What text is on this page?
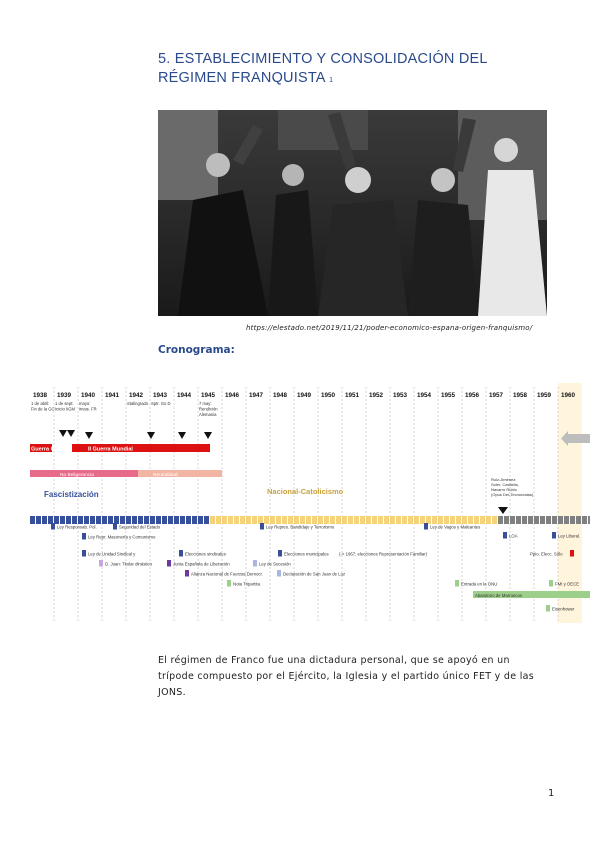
5. ESTABLECIMIENTO Y CONSOLIDACIÓN DEL
RÉGIMEN FRANQUISTA $^1$
https://elestado.net/2019/11/21/poder-economico-espana-origen-franquismo/
Cronograma:
1938 1939 1940 1941 1942 1943 1944 1945 1946 1947 1948 1949 1950 1951 1952 1953 1954 1955 1956 1957 1958 1959 1960
1 de abril:
Fin de la GC
1 de sept:
Inicio IIGM
mayo:
invas. FR
Stalingrado Sptr. Go D	7 may:
Rendición
Alemania
Guerra Civil	II Guerra Mundial
No Beligerancia	Neutralidad
Fascistización	Nacional-Catolicismo
Ruiz-Jiménez:
Soler, Castiella,
Navarro Rubio
(Opus Dei-Tecnócratas)
Ley Responsab. Pol.	Seguridad del Estado
Ley Repr. Masonería y Comunismo
Ley de Unidad Sindical y
D. Juan: Titular dinástico
Elecciones sindicales
Junta Española de Liberación
Alianza Nacional de Fuerzas Democr.	Declaración de San Juan de Luz
Nota Tripartita
Ley de Sucesión
Ley Repres. Bandidaje y Terrorismo
(-> 1967: elecciones Representación Familiar)
Ley de Vagos y Maleantes
LOA	Ley Liberal.
Entrada en la ONU	FMI y OECE
Elecciones municipales	Ppio. Elecc. Sólo
Abandono de Marruecos
Eisenhower
El régimen de Franco fue una dictadura personal, que se apoyó en un
trípode compuesto por el Ejército, la Iglesia y el partido único FET y de las
JONS.
1
